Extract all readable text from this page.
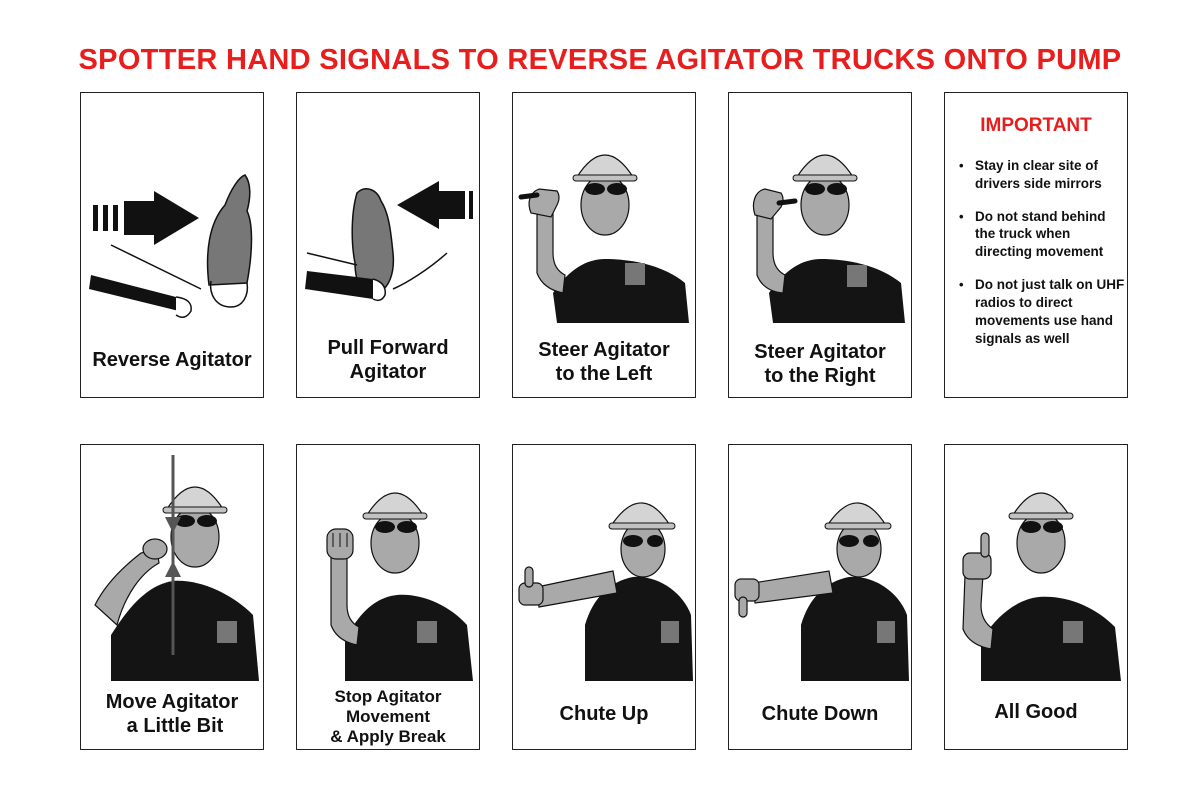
SPOTTER HAND SIGNALS TO REVERSE AGITATOR TRUCKS ONTO PUMP
Reverse Agitator
Pull Forward
Agitator
Steer Agitator
to the Left
Steer Agitator
to the Right
IMPORTANT
• Stay in clear site of drivers side mirrors
• Do not stand behind the truck when directing movement
• Do not just talk on UHF radios to direct movements use hand signals as well
Move Agitator
a Little Bit
Stop Agitator
Movement
& Apply Break
Chute Up	Chute Down	All Good
